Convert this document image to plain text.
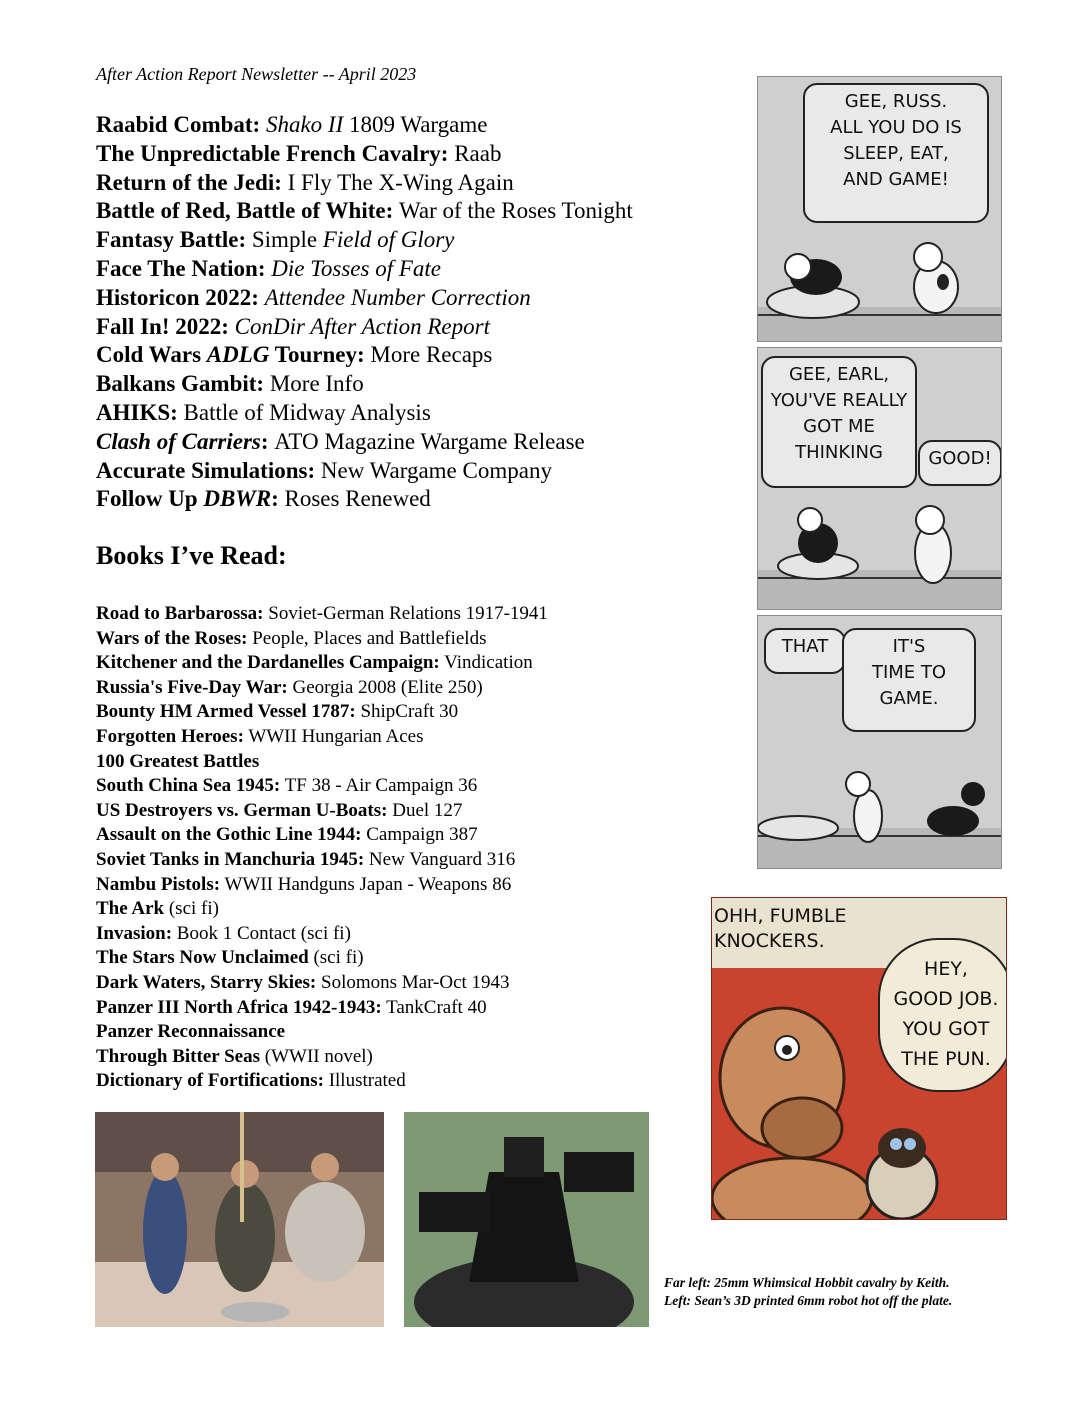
After Action Report Newsletter -- April 2023
Raabid Combat: Shako II 1809 Wargame
The Unpredictable French Cavalry: Raab
Return of the Jedi: I Fly The X-Wing Again
Battle of Red, Battle of White: War of the Roses Tonight
Fantasy Battle: Simple Field of Glory
Face The Nation: Die Tosses of Fate
Historicon 2022: Attendee Number Correction
Fall In! 2022: ConDir After Action Report
Cold Wars ADLG Tourney: More Recaps
Balkans Gambit: More Info
AHIKS: Battle of Midway Analysis
Clash of Carriers: ATO Magazine Wargame Release
Accurate Simulations: New Wargame Company
Follow Up DBWR: Roses Renewed
Books I’ve Read:
Road to Barbarossa: Soviet-German Relations 1917-1941
Wars of the Roses: People, Places and Battlefields
Kitchener and the Dardanelles Campaign: Vindication
Russia's Five-Day War: Georgia 2008 (Elite 250)
Bounty HM Armed Vessel 1787: ShipCraft 30
Forgotten Heroes: WWII Hungarian Aces
100 Greatest Battles
South China Sea 1945: TF 38 - Air Campaign 36
US Destroyers vs. German U-Boats: Duel 127
Assault on the Gothic Line 1944: Campaign 387
Soviet Tanks in Manchuria 1945: New Vanguard 316
Nambu Pistols: WWII Handguns Japan - Weapons 86
The Ark (sci fi)
Invasion: Book 1 Contact (sci fi)
The Stars Now Unclaimed (sci fi)
Dark Waters, Starry Skies: Solomons Mar-Oct 1943
Panzer III North Africa 1942-1943: TankCraft 40
Panzer Reconnaissance
Through Bitter Seas (WWII novel)
Dictionary of Fortifications: Illustrated
GEE, RUSS.
ALL YOU DO IS
SLEEP, EAT,
AND GAME!
GEE, EARL,
YOU'VE REALLY
GOT ME
THINKING	GOOD!
THAT	IT'S
TIME TO
GAME.
OHH, FUMBLE
KNOCKERS.
HEY,
GOOD JOB.
YOU GOT
THE PUN.
Far left: 25mm Whimsical Hobbit cavalry by Keith.
Left: Sean’s 3D printed 6mm robot hot off the plate.
